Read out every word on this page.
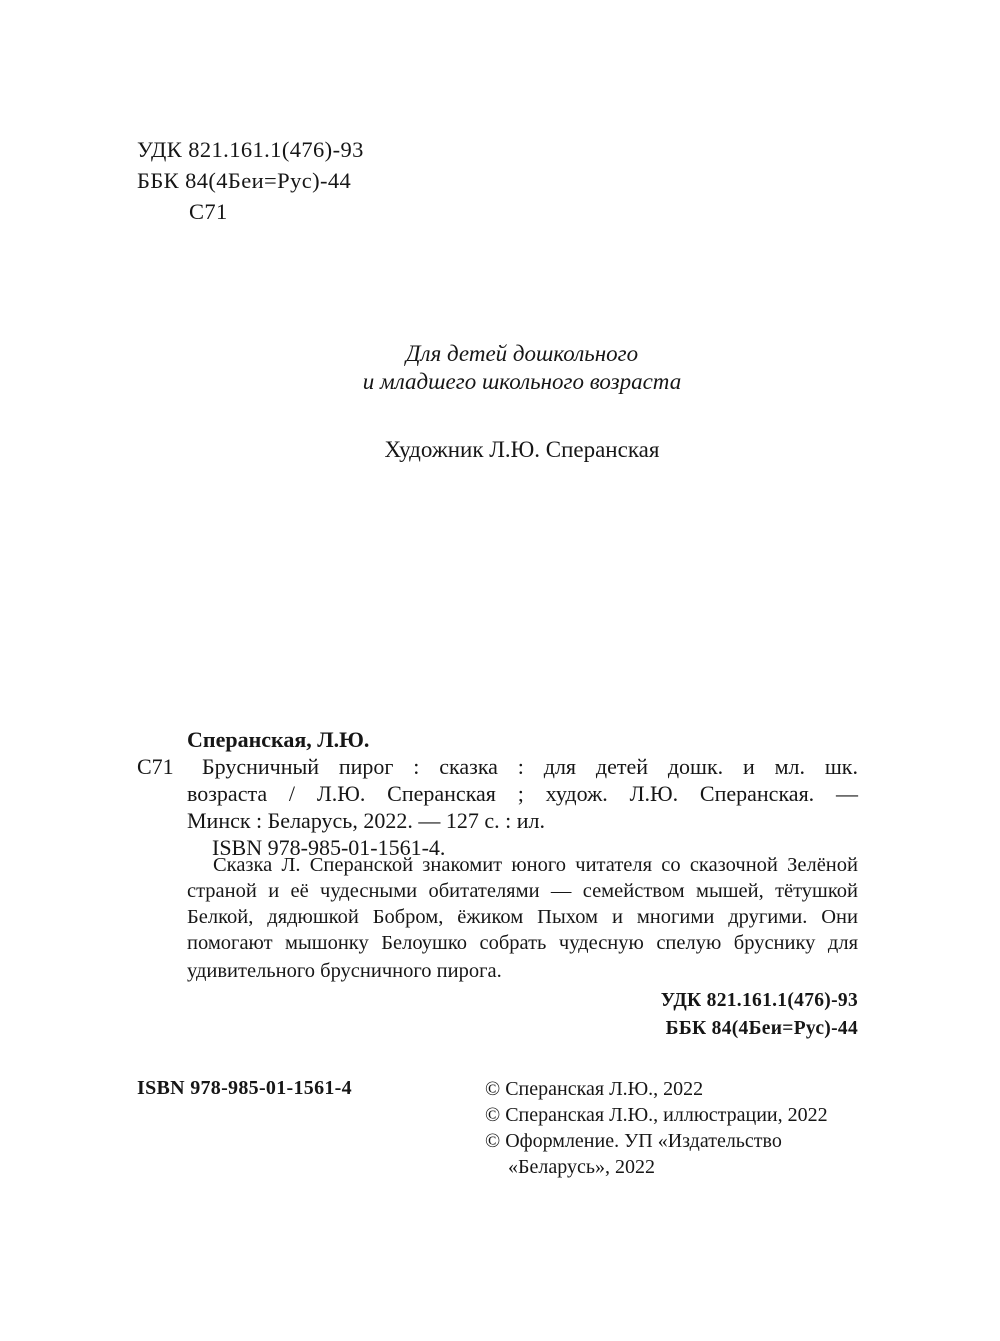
УДК 821.161.1(476)-93
ББК 84(4Беи=Рус)-44
С71
Для детей дошкольного
и младшего школьного возраста
Художник Л.Ю. Сперанская
С71
Сперанская, Л.Ю.
Брусничный пирог : сказка : для детей дошк. и мл. шк.
возраста / Л.Ю. Сперанская ; худож. Л.Ю. Сперанская. —
Минск : Беларусь, 2022. — 127 с. : ил.
ISBN 978-985-01-1561-4.
Сказка Л. Сперанской знакомит юного читателя со сказочной Зелёной
страной и её чудесными обитателями — семейством мышей, тётушкой
Белкой, дядюшкой Бобром, ёжиком Пыхом и многими другими. Они
помогают мышонку Белоушко собрать чудесную спелую бруснику для
удивительного брусничного пирога.
УДК 821.161.1(476)-93
ББК 84(4Беи=Рус)-44
ISBN 978-985-01-1561-4	© Сперанская Л.Ю., 2022
© Сперанская Л.Ю., иллюстрации, 2022
© Оформление. УП «Издательство
«Беларусь», 2022
